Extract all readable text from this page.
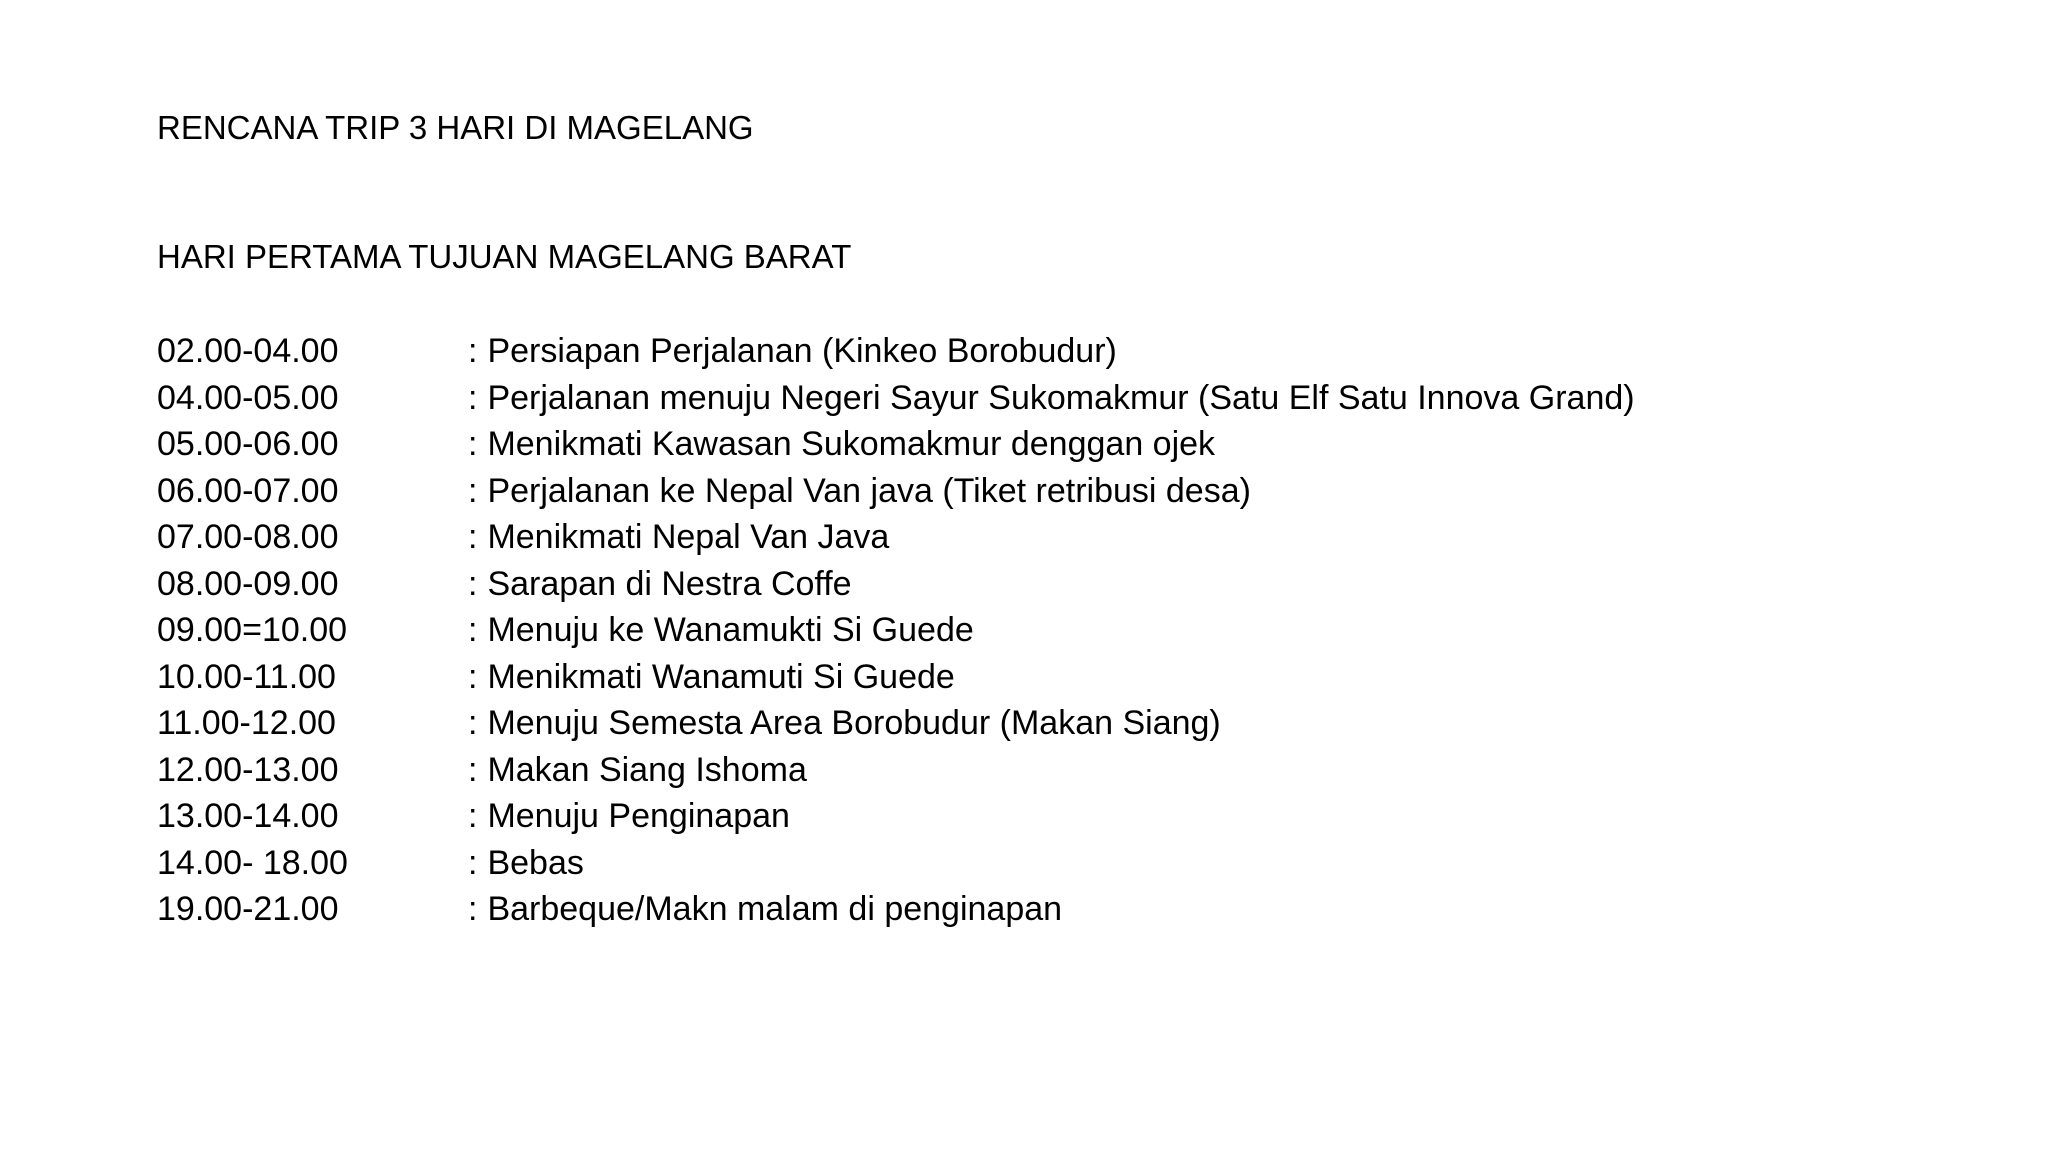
RENCANA TRIP 3 HARI DI MAGELANG
HARI PERTAMA TUJUAN MAGELANG BARAT
02.00-04.00	: Persiapan Perjalanan (Kinkeo Borobudur)
04.00-05.00	: Perjalanan menuju Negeri Sayur Sukomakmur (Satu Elf Satu Innova Grand)
05.00-06.00	: Menikmati Kawasan Sukomakmur denggan ojek
06.00-07.00	: Perjalanan ke Nepal Van java (Tiket retribusi desa)
07.00-08.00	: Menikmati Nepal Van Java
08.00-09.00	: Sarapan di Nestra Coffe
09.00=10.00	: Menuju ke Wanamukti Si Guede
10.00-11.00	: Menikmati Wanamuti Si Guede
11.00-12.00	: Menuju Semesta Area Borobudur (Makan Siang)
12.00-13.00	: Makan Siang Ishoma
13.00-14.00	: Menuju Penginapan
14.00- 18.00	: Bebas
19.00-21.00	: Barbeque/Makn malam di penginapan
